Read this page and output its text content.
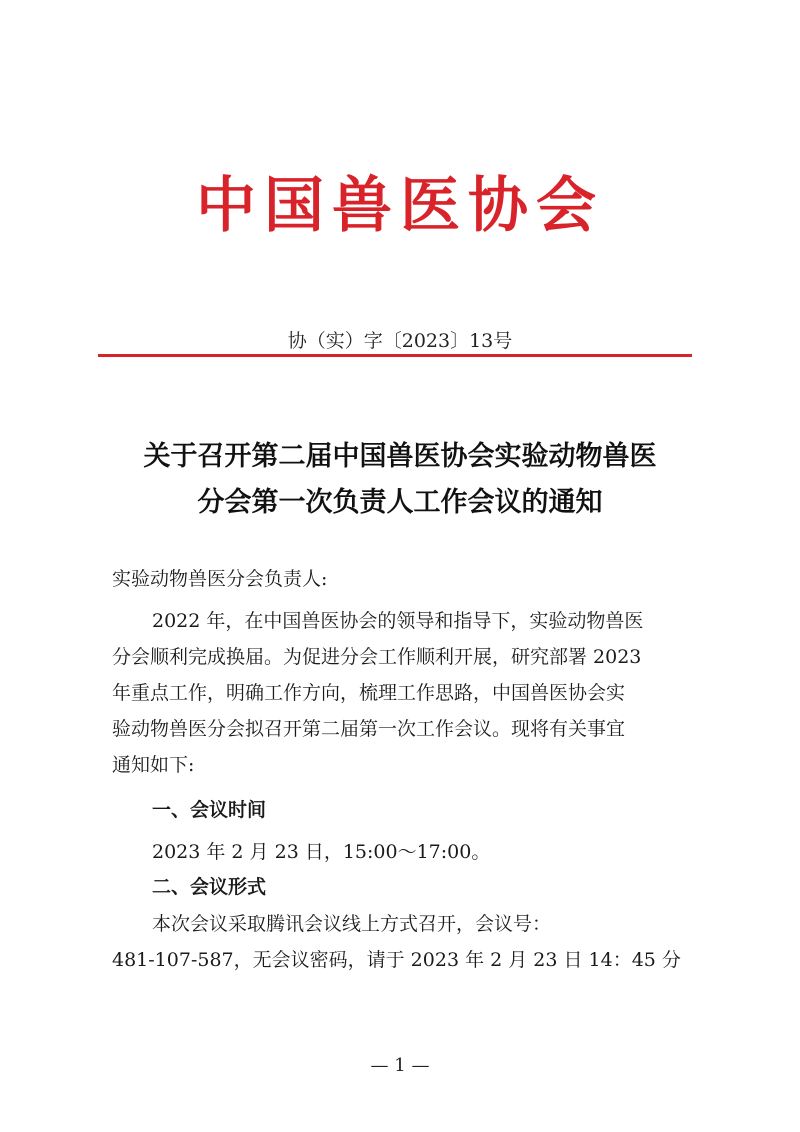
中国兽医协会
协（实）字〔2023〕13号
关于召开第二届中国兽医协会实验动物兽医
分会第一次负责人工作会议的通知
实验动物兽医分会负责人:

2022 年，在中国兽医协会的领导和指导下，实验动物兽医
分会顺利完成换届。为促进分会工作顺利开展，研究部署 2023
年重点工作，明确工作方向，梳理工作思路，中国兽医协会实
验动物兽医分会拟召开第二届第一次工作会议。现将有关事宜
通知如下:

一、会议时间
2023 年 2 月 23 日，15:00～17:00。
二、会议形式
本次会议采取腾讯会议线上方式召开，会议号：
481-107-587，无会议密码，请于 2023 年 2 月 23 日 14：45 分
— 1 —
